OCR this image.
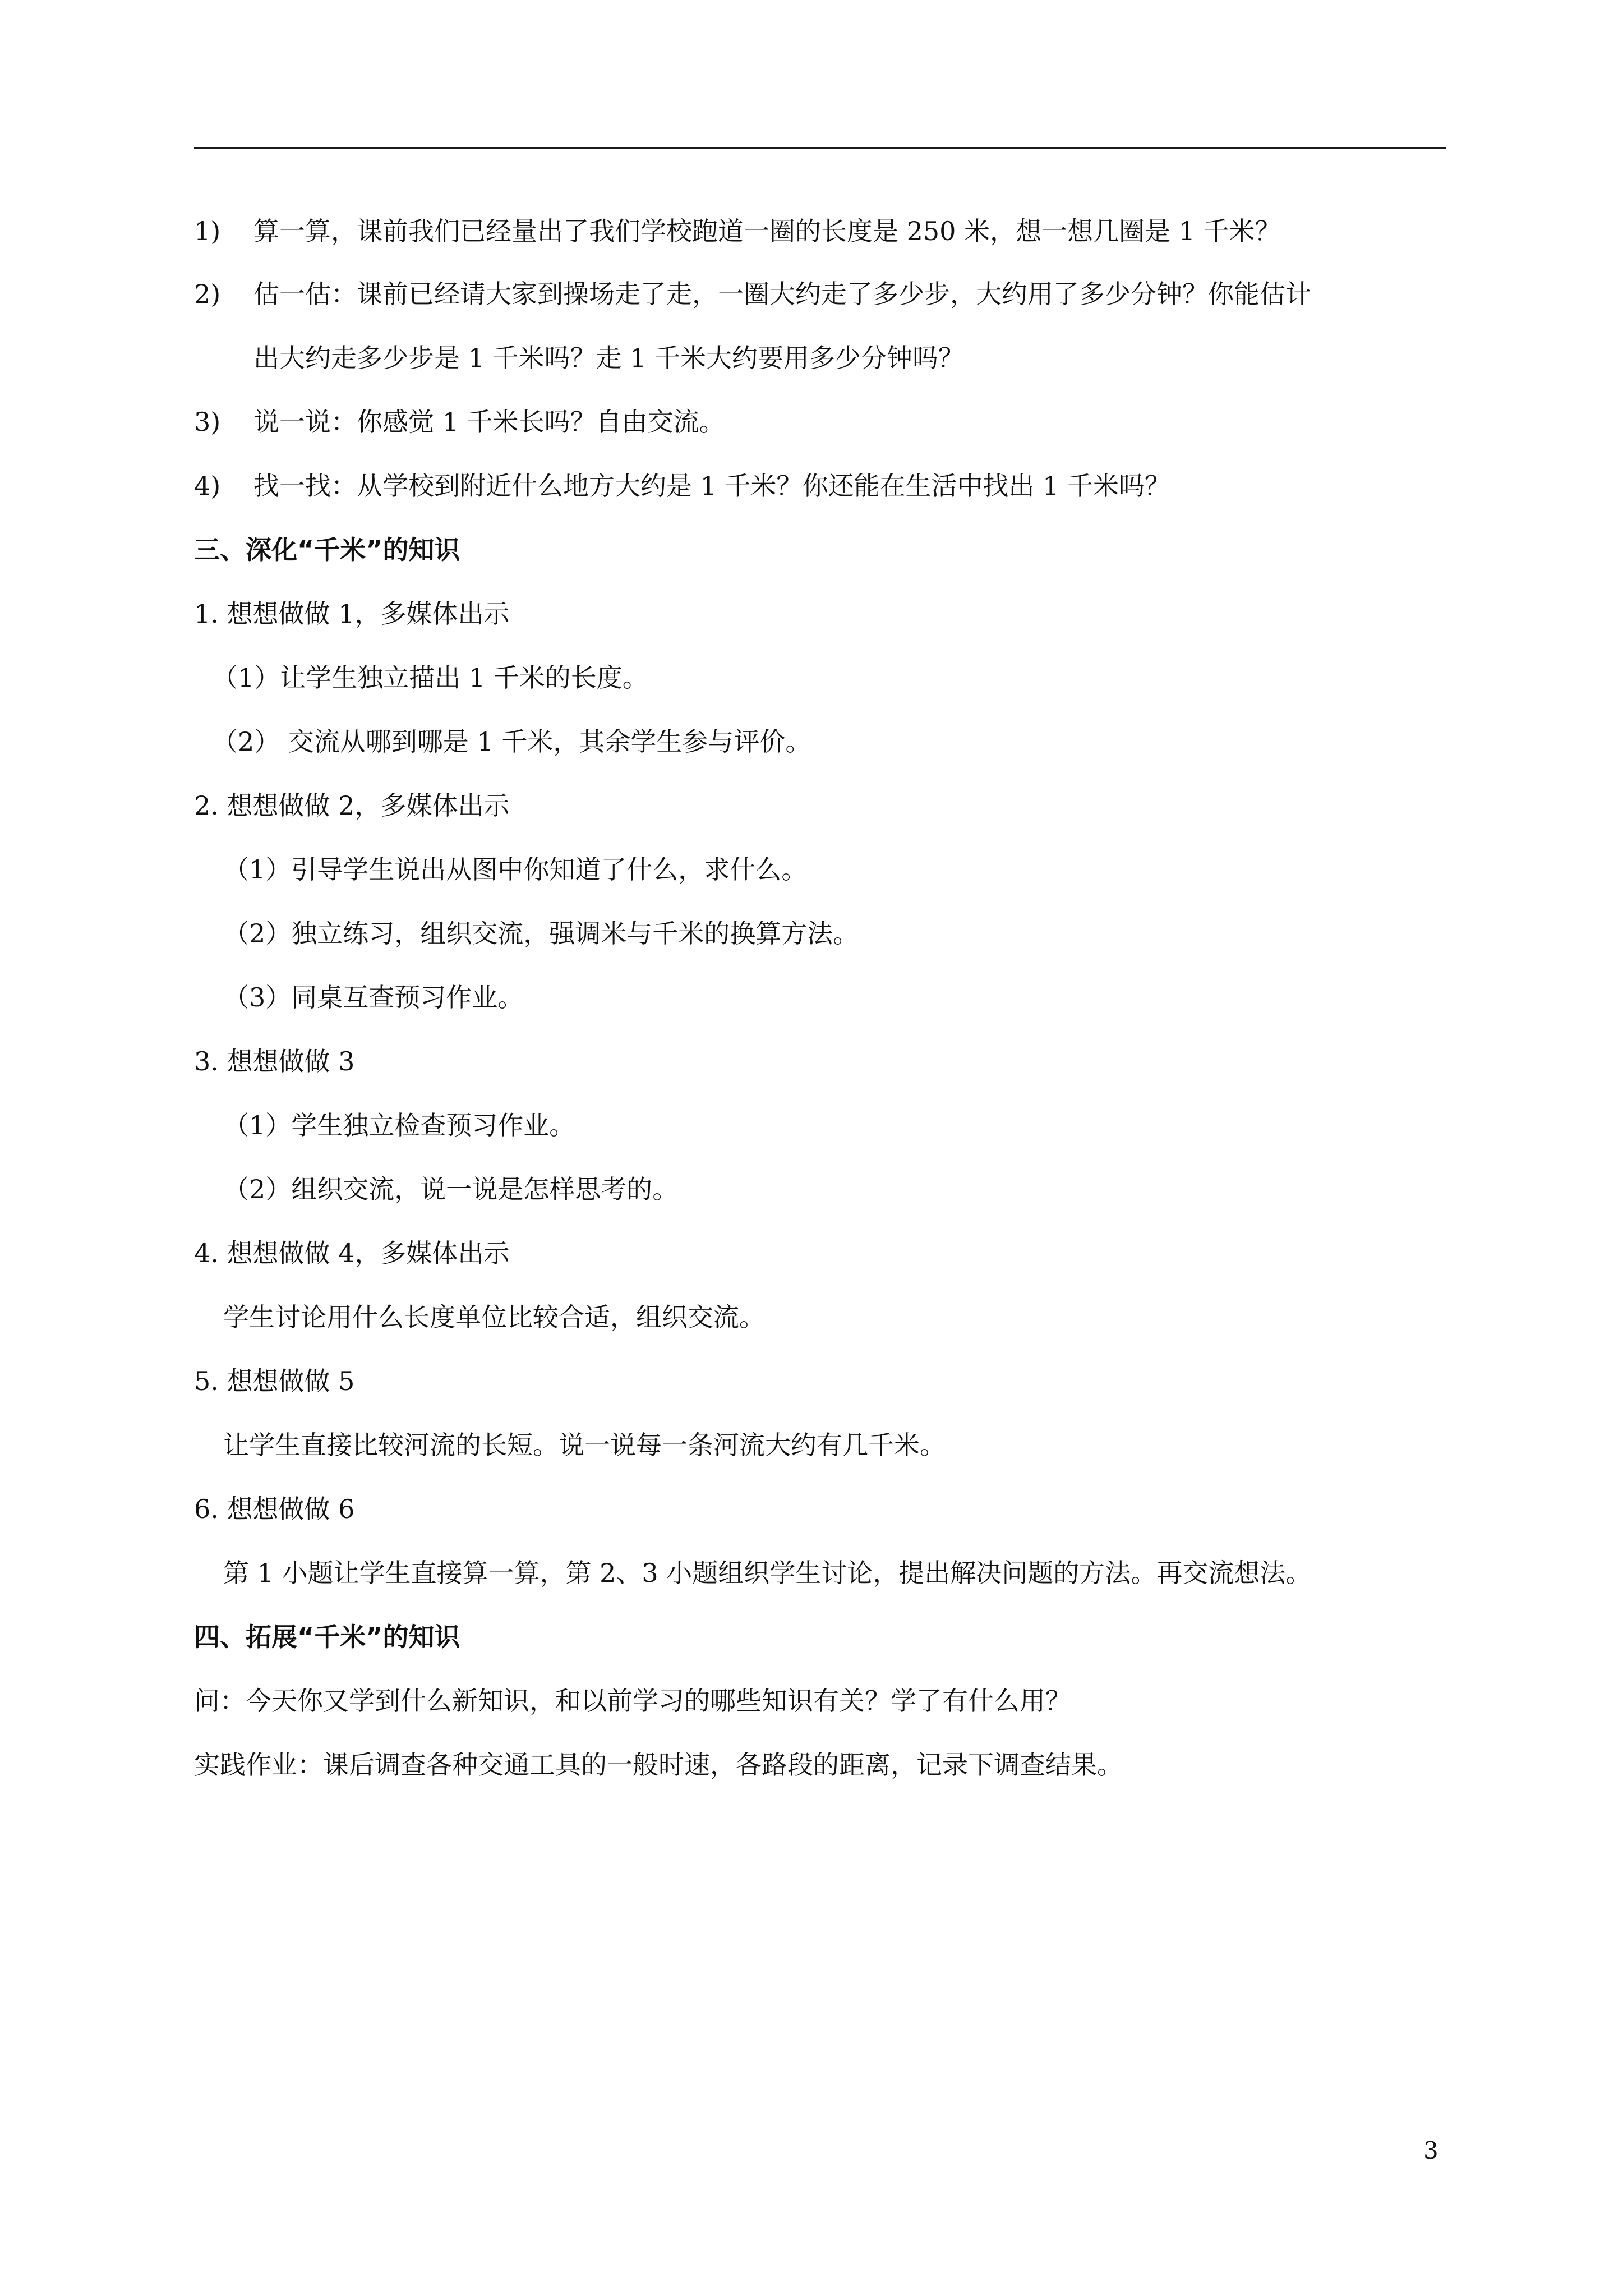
1) 算一算，课前我们已经量出了我们学校跑道一圈的长度是 250 米，想一想几圈是 1 千米？
2) 估一估：课前已经请大家到操场走了走，一圈大约走了多少步，大约用了多少分钟？你能估计
出大约走多少步是 1 千米吗？走 1 千米大约要用多少分钟吗？
3) 说一说：你感觉 1 千米长吗？自由交流。
4) 找一找：从学校到附近什么地方大约是 1 千米？你还能在生活中找出 1 千米吗？
三、深化“千米”的知识
1. 想想做做 1，多媒体出示
（1）让学生独立描出 1 千米的长度。
（2） 交流从哪到哪是 1 千米，其余学生参与评价。
2. 想想做做 2，多媒体出示
（1）引导学生说出从图中你知道了什么，求什么。
（2）独立练习，组织交流，强调米与千米的换算方法。
（3）同桌互查预习作业。
3. 想想做做 3
（1）学生独立检查预习作业。
（2）组织交流，说一说是怎样思考的。
4. 想想做做 4，多媒体出示
学生讨论用什么长度单位比较合适，组织交流。
5. 想想做做 5
让学生直接比较河流的长短。说一说每一条河流大约有几千米。
6. 想想做做 6
第 1 小题让学生直接算一算，第 2、3 小题组织学生讨论，提出解决问题的方法。再交流想法。
四、拓展“千米”的知识
问：今天你又学到什么新知识，和以前学习的哪些知识有关？学了有什么用？
实践作业：课后调查各种交通工具的一般时速，各路段的距离，记录下调查结果。
3
